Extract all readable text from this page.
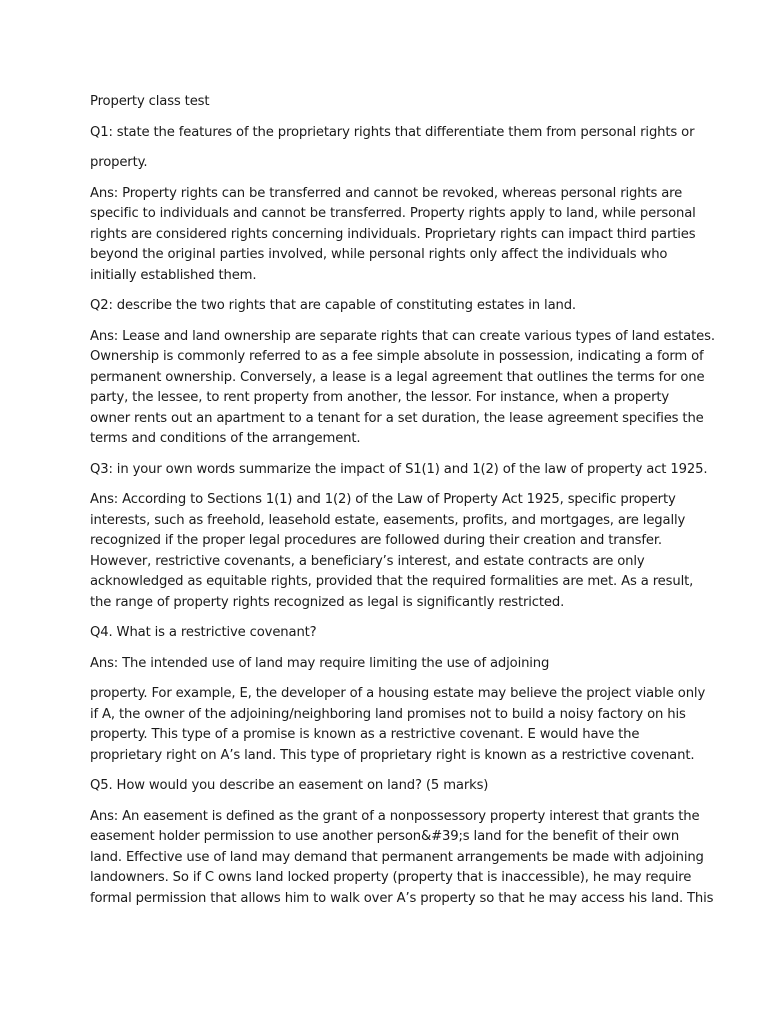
Property class test

Q1: state the features of the proprietary rights that differentiate them from personal rights or

property.

Ans: Property rights can be transferred and cannot be revoked, whereas personal rights are
specific to individuals and cannot be transferred. Property rights apply to land, while personal
rights are considered rights concerning individuals. Proprietary rights can impact third parties
beyond the original parties involved, while personal rights only affect the individuals who
initially established them.

Q2: describe the two rights that are capable of constituting estates in land.

Ans: Lease and land ownership are separate rights that can create various types of land estates.
Ownership is commonly referred to as a fee simple absolute in possession, indicating a form of
permanent ownership. Conversely, a lease is a legal agreement that outlines the terms for one
party, the lessee, to rent property from another, the lessor. For instance, when a property
owner rents out an apartment to a tenant for a set duration, the lease agreement specifies the
terms and conditions of the arrangement.

Q3: in your own words summarize the impact of S1(1) and 1(2) of the law of property act 1925.

Ans: According to Sections 1(1) and 1(2) of the Law of Property Act 1925, specific property
interests, such as freehold, leasehold estate, easements, profits, and mortgages, are legally
recognized if the proper legal procedures are followed during their creation and transfer.
However, restrictive covenants, a beneficiary’s interest, and estate contracts are only
acknowledged as equitable rights, provided that the required formalities are met. As a result,
the range of property rights recognized as legal is significantly restricted.

Q4. What is a restrictive covenant?

Ans: The intended use of land may require limiting the use of adjoining

property. For example, E, the developer of a housing estate may believe the project viable only
if A, the owner of the adjoining/neighboring land promises not to build a noisy factory on his
property. This type of a promise is known as a restrictive covenant. E would have the
proprietary right on A’s land. This type of proprietary right is known as a restrictive covenant.

Q5. How would you describe an easement on land? (5 marks)

Ans: An easement is defined as the grant of a nonpossessory property interest that grants the
easement holder permission to use another person&#39;s land for the benefit of their own
land. Effective use of land may demand that permanent arrangements be made with adjoining
landowners. So if C owns land locked property (property that is inaccessible), he may require
formal permission that allows him to walk over A’s property so that he may access his land. This
